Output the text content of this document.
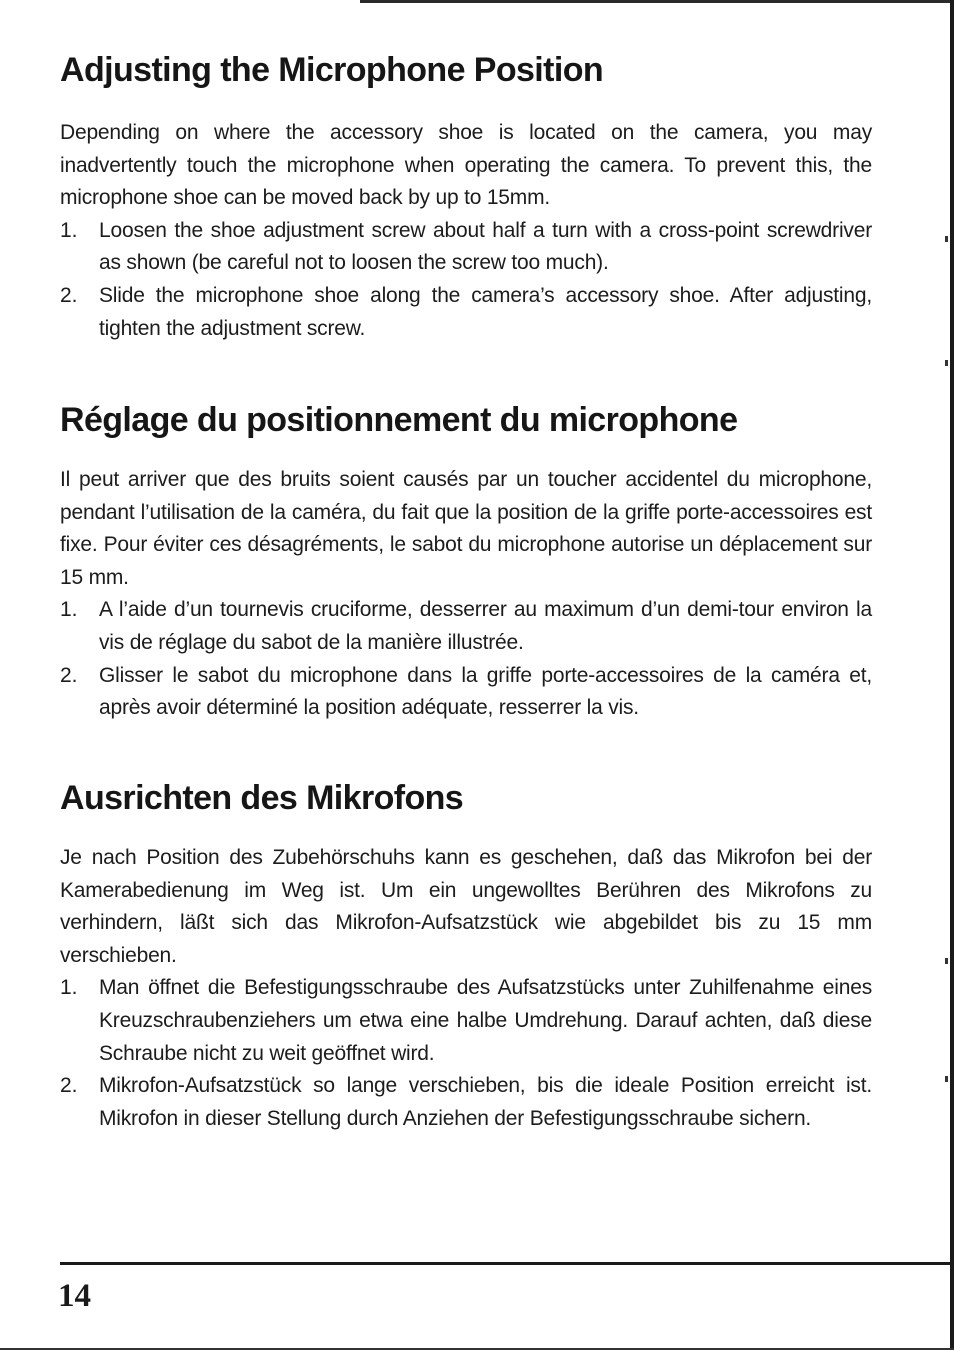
Adjusting the Microphone Position

Depending on where the accessory shoe is located on the camera, you may inadvertently touch the microphone when operating the camera. To prevent this, the microphone shoe can be moved back by up to 15mm.

1.	Loosen the shoe adjustment screw about half a turn with a cross-point screwdriver as shown (be careful not to loosen the screw too much).
2.	Slide the microphone shoe along the camera’s accessory shoe. After adjusting, tighten the adjustment screw.
Réglage du positionnement du microphone

Il peut arriver que des bruits soient causés par un toucher accidentel du microphone, pendant l’utilisation de la caméra, du fait que la position de la griffe porte-accessoires est fixe. Pour éviter ces désagréments, le sabot du microphone autorise un déplacement sur 15 mm.

1.	A l’aide d’un tournevis cruciforme, desserrer au maximum d’un demi-tour environ la vis de réglage du sabot de la manière illustrée.
2.	Glisser le sabot du microphone dans la griffe porte-accessoires de la caméra et, après avoir déterminé la position adéquate, resserrer la vis.
Ausrichten des Mikrofons

Je nach Position des Zubehörschuhs kann es geschehen, daß das Mikrofon bei der Kamerabedienung im Weg ist. Um ein ungewolltes Berühren des Mikrofons zu verhindern, läßt sich das Mikrofon-Aufsatzstück wie abgebildet bis zu 15 mm verschieben.

1.	Man öffnet die Befestigungsschraube des Aufsatzstücks unter Zuhilfenahme eines Kreuzschraubenziehers um etwa eine halbe Umdrehung. Darauf achten, daß diese Schraube nicht zu weit geöffnet wird.
2.	Mikrofon-Aufsatzstück so lange verschieben, bis die ideale Position erreicht ist. Mikrofon in dieser Stellung durch Anziehen der Befestigungsschraube sichern.
14
